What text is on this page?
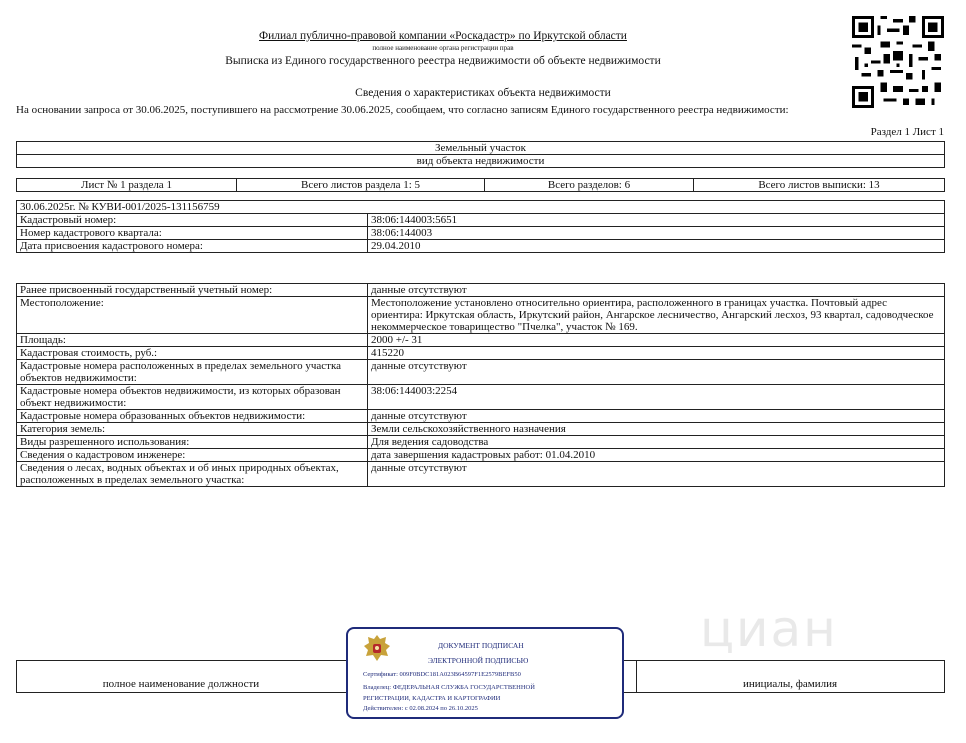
Филиал публично-правовой компании «Роскадастр» по Иркутской области
полное наименование органа регистрации прав
Выписка из Единого государственного реестра недвижимости об объекте недвижимости
Сведения о характеристиках объекта недвижимости
На основании запроса от 30.06.2025, поступившего на рассмотрение 30.06.2025, сообщаем, что согласно записям Единого государственного реестра недвижимости:
Раздел 1 Лист 1
Земельный участок
вид объекта недвижимости
Лист № 1 раздела 1	Всего листов раздела 1: 5	Всего разделов: 6	Всего листов выписки: 13
30.06.2025г. № КУВИ-001/2025-131156759	
Кадастровый номер:	38:06:144003:5651
Номер кадастрового квартала:	38:06:144003
Дата присвоения кадастрового номера:	29.04.2010
Ранее присвоенный государственный учетный номер:	данные отсутствуют
Местоположение:	Местоположение установлено относительно ориентира, расположенного в границах участка. Почтовый адрес ориентира: Иркутская область, Иркутский район, Ангарское лесничество, Ангарский лесхоз, 93 квартал, садоводческое некоммерческое товарищество "Пчелка", участок № 169.
Площадь:	2000 +/- 31
Кадастровая стоимость, руб.:	415220
Кадастровые номера расположенных в пределах земельного участка объектов недвижимости:	данные отсутствуют
Кадастровые номера объектов недвижимости, из которых образован объект недвижимости:	38:06:144003:2254
Кадастровые номера образованных объектов недвижимости:	данные отсутствуют
Категория земель:	Земли сельскохозяйственного назначения
Виды разрешенного использования:	Для ведения садоводства
Сведения о кадастровом инженере:	дата завершения кадастровых работ: 01.04.2010
Сведения о лесах, водных объектах и об иных природных объектах, расположенных в пределах земельного участка:	данные отсутствуют
циан
полное наименование должности	инициалы, фамилия
ДОКУМЕНТ ПОДПИСАН
ЭЛЕКТРОННОЙ ПОДПИСЬЮ
Сертификат: 009F0BDC181A023B64597F1E2579BEFB50
Владелец: ФЕДЕРАЛЬНАЯ СЛУЖБА ГОСУДАРСТВЕННОЙ
РЕГИСТРАЦИИ, КАДАСТРА И КАРТОГРАФИИ
Действителен: с 02.08.2024 по 26.10.2025
